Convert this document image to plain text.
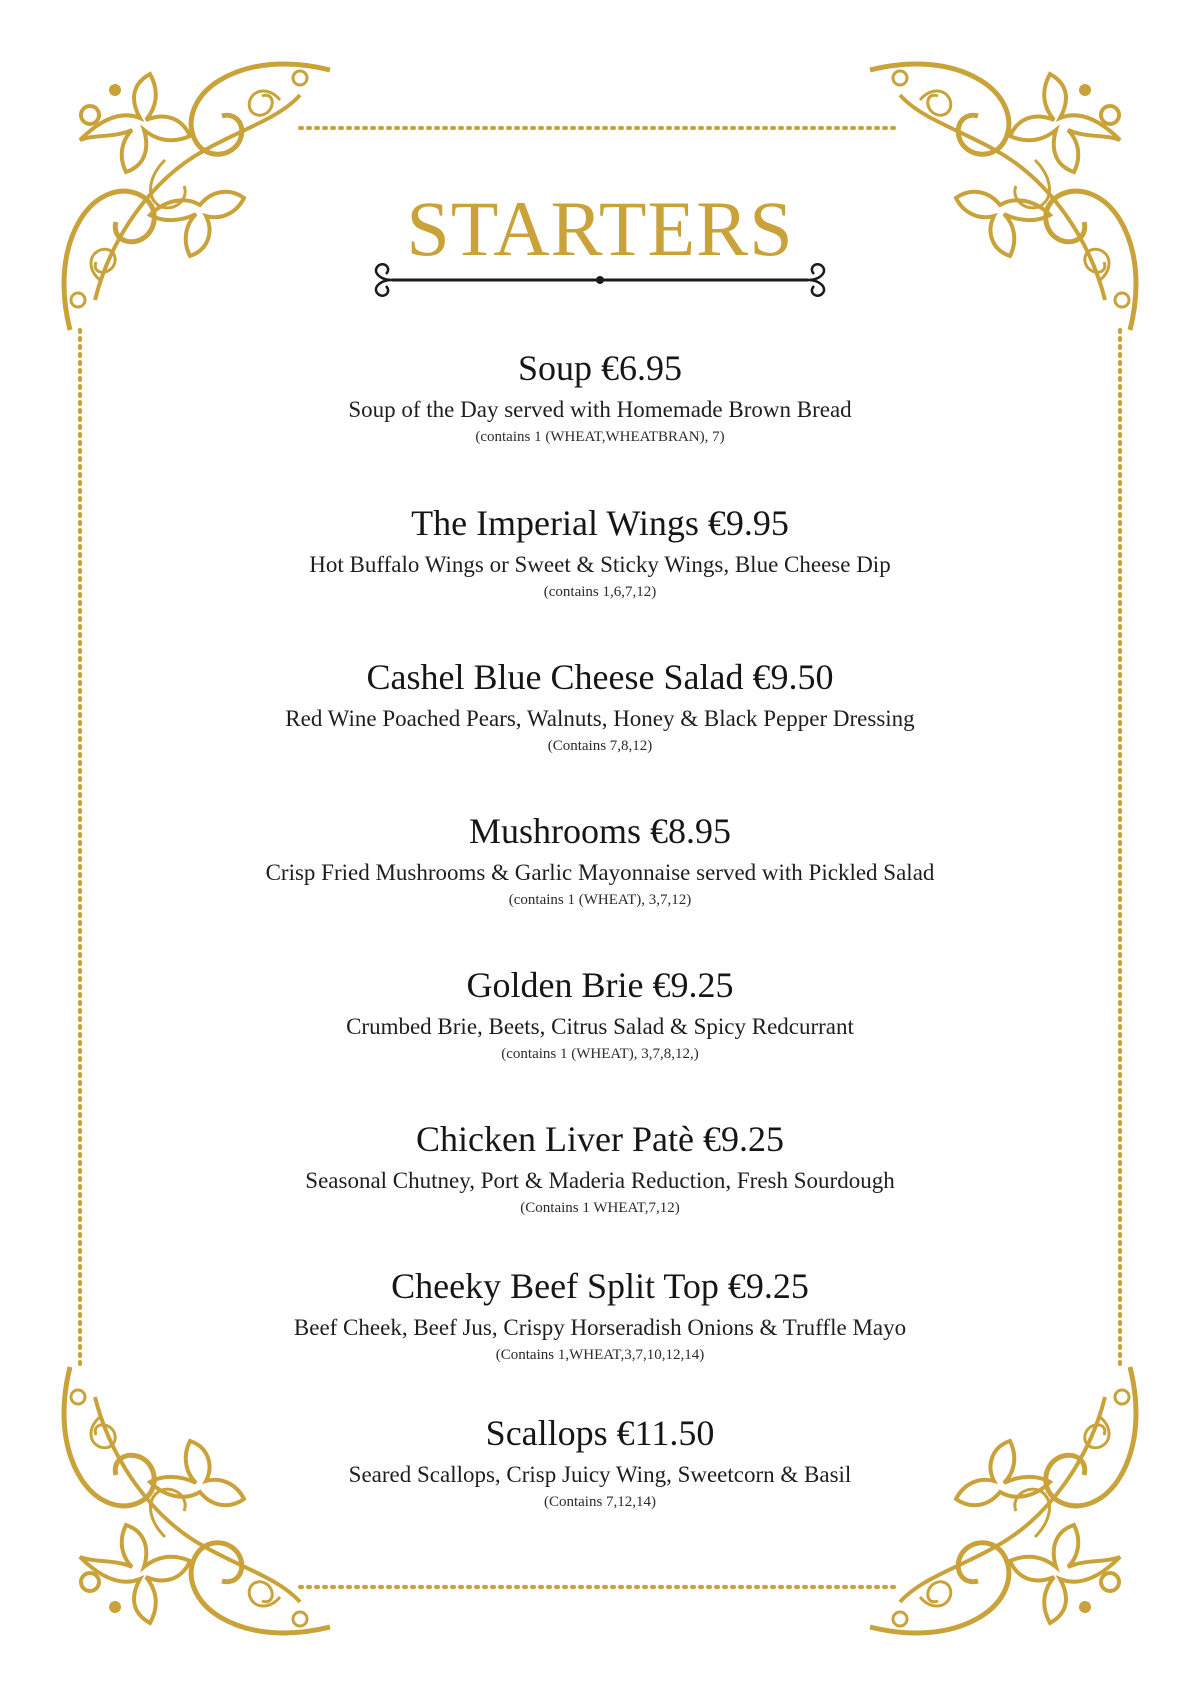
STARTERS
Soup €6.95
Soup of the Day served with Homemade Brown Bread
(contains 1 (WHEAT,WHEATBRAN), 7)
The Imperial Wings €9.95
Hot Buffalo Wings or Sweet & Sticky Wings, Blue Cheese Dip
(contains 1,6,7,12)
Cashel Blue Cheese Salad €9.50
Red Wine Poached Pears, Walnuts, Honey & Black Pepper Dressing
(Contains 7,8,12)
Mushrooms €8.95
Crisp Fried Mushrooms & Garlic Mayonnaise served with Pickled Salad
(contains 1 (WHEAT), 3,7,12)
Golden Brie €9.25
Crumbed Brie, Beets, Citrus Salad & Spicy Redcurrant
(contains 1 (WHEAT), 3,7,8,12,)
Chicken Liver Patè €9.25
Seasonal Chutney, Port & Maderia Reduction, Fresh Sourdough
(Contains 1 WHEAT,7,12)
Cheeky Beef Split Top €9.25
Beef Cheek, Beef Jus, Crispy Horseradish Onions & Truffle Mayo
(Contains 1,WHEAT,3,7,10,12,14)
Scallops €11.50
Seared Scallops, Crisp Juicy Wing, Sweetcorn & Basil
(Contains 7,12,14)
